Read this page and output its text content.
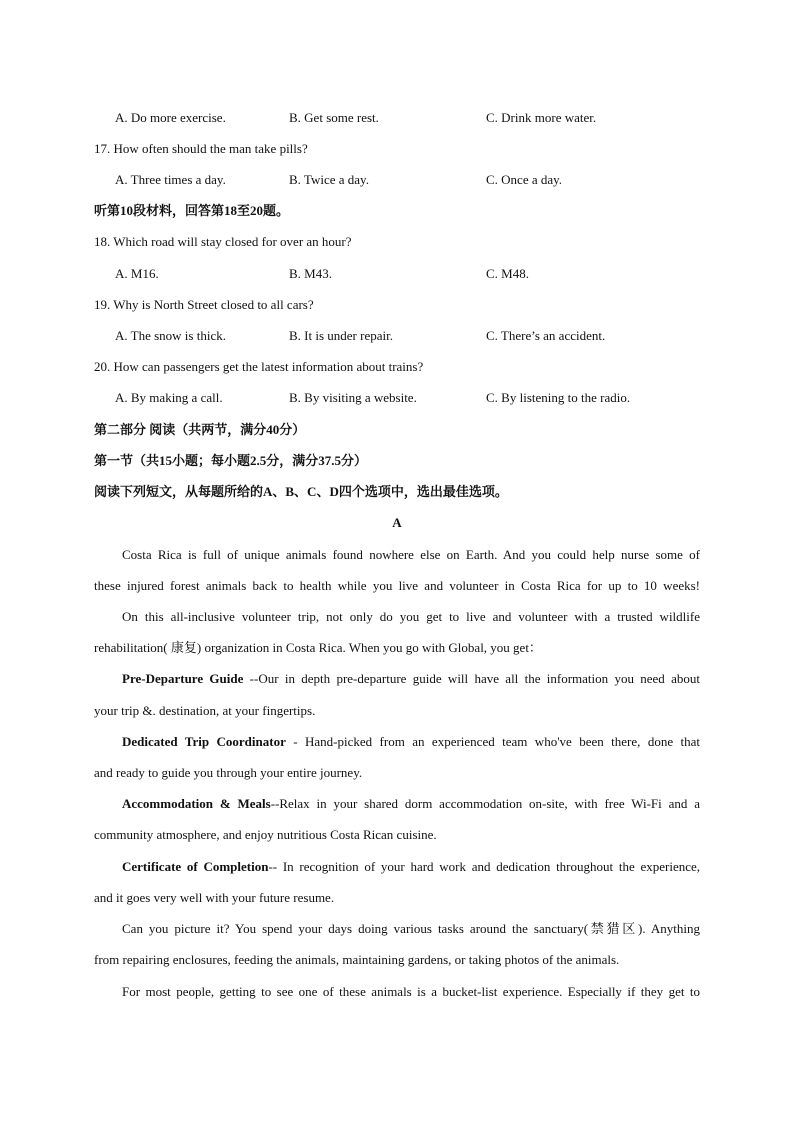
A. Do more exercise.	B. Get some rest.	C. Drink more water.
17. How often should the man take pills?
A. Three times a day.	B. Twice a day.	C. Once a day.
听第10段材料，回答第18至20题。
18. Which road will stay closed for over an hour?
A. M16.	B. M43.	C. M48.
19. Why is North Street closed to all cars?
A. The snow is thick.	B. It is under repair.	C. There’s an accident.
20. How can passengers get the latest information about trains?
A. By making a call.	B. By visiting a website.	C. By listening to the radio.
第二部分 阅读（共两节，满分40分）
第一节（共15小题；每小题2.5分，满分37.5分）
阅读下列短文，从每题所给的A、B、C、D四个选项中，选出最佳选项。
A
Costa Rica is full of unique animals found nowhere else on Earth. And you could help nurse some of
these injured forest animals back to health while you live and volunteer in Costa Rica for up to 10 weeks!
On this all-inclusive volunteer trip, not only do you get to live and volunteer with a trusted wildlife
rehabilitation( 康复) organization in Costa Rica. When you go with Global, you get：
Pre-Departure Guide --Our in depth pre-departure guide will have all the information you need about
your trip &. destination, at your fingertips.
Dedicated Trip Coordinator - Hand-picked from an experienced team who've been there, done that
and ready to guide you through your entire journey.
Accommodation & Meals--Relax in your shared dorm accommodation on-site, with free Wi-Fi and a
community atmosphere, and enjoy nutritious Costa Rican cuisine.
Certificate of Completion-- In recognition of your hard work and dedication throughout the experience,
and it goes very well with your future resume.
Can you picture it? You spend your days doing various tasks around the sanctuary(禁猎区). Anything
from repairing enclosures, feeding the animals, maintaining gardens, or taking photos of the animals.
For most people, getting to see one of these animals is a bucket-list experience. Especially if they get to
